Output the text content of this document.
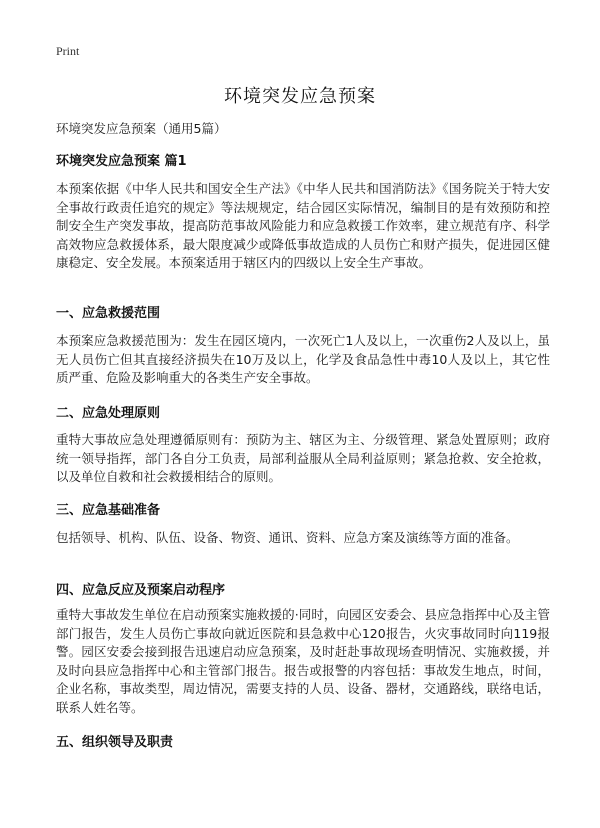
Print
环境突发应急预案
环境突发应急预案（通用5篇）
环境突发应急预案 篇1
本预案依据《中华人民共和国安全生产法》《中华人民共和国消防法》《国务院关于特大安全事故行政责任追究的规定》等法规规定，结合园区实际情况，编制目的是有效预防和控制安全生产突发事故，提高防范事故风险能力和应急救援工作效率，建立规范有序、科学高效物应急救援体系，最大限度减少或降低事故造成的人员伤亡和财产损失，促进园区健康稳定、安全发展。本预案适用于辖区内的四级以上安全生产事故。
一、应急救援范围
本预案应急救援范围为：发生在园区境内，一次死亡1人及以上，一次重伤2人及以上，虽无人员伤亡但其直接经济损失在10万及以上，化学及食品急性中毒10人及以上，其它性质严重、危险及影响重大的各类生产安全事故。
二、应急处理原则
重特大事故应急处理遵循原则有：预防为主、辖区为主、分级管理、紧急处置原则；政府统一领导指挥，部门各自分工负责，局部利益服从全局利益原则；紧急抢救、安全抢救，以及单位自救和社会救援相结合的原则。
三、应急基础准备
包括领导、机构、队伍、设备、物资、通讯、资料、应急方案及演练等方面的准备。
四、应急反应及预案启动程序
重特大事故发生单位在启动预案实施救援的·同时，向园区安委会、县应急指挥中心及主管部门报告，发生人员伤亡事故向就近医院和县急救中心120报告，火灾事故同时向119报警。园区安委会接到报告迅速启动应急预案，及时赶赴事故现场查明情况、实施救援，并及时向县应急指挥中心和主管部门报告。报告或报警的内容包括：事故发生地点，时间，企业名称，事故类型，周边情况，需要支持的人员、设备、器材，交通路线，联络电话，联系人姓名等。
五、组织领导及职责
